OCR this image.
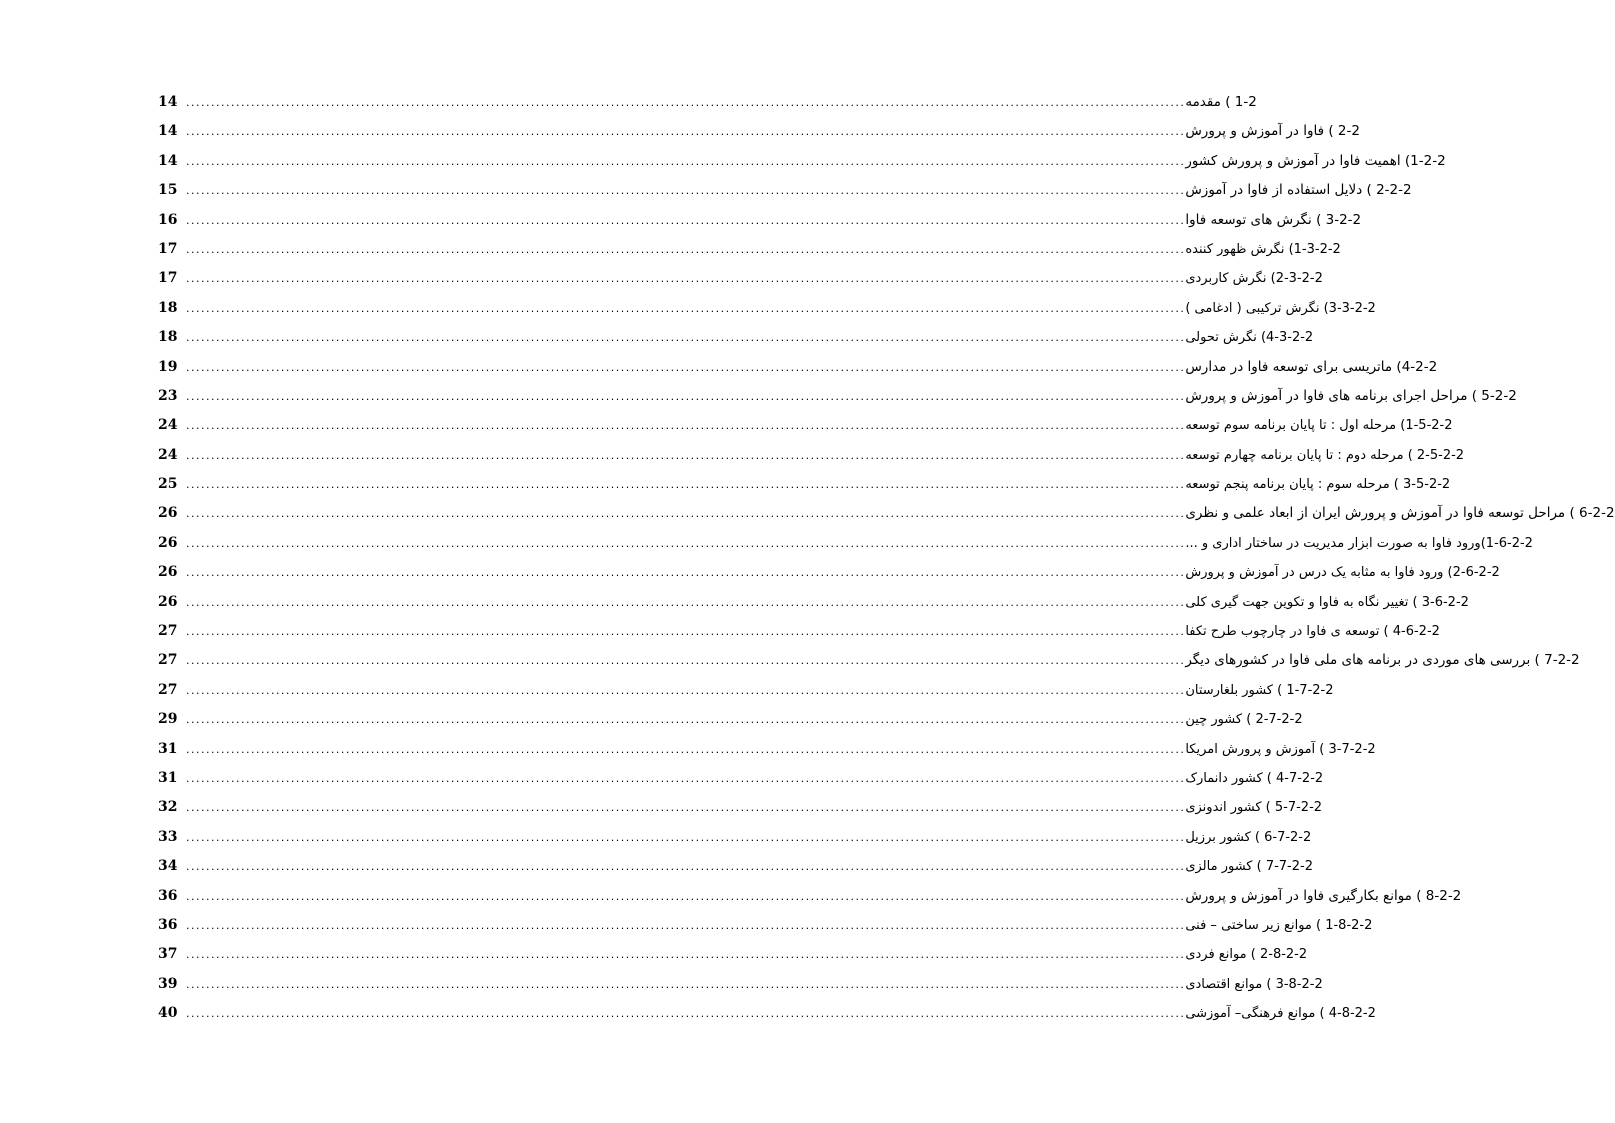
14 ........................................................................................................................................................................................................ 1-2 ) مقدمه
14 ........................................................................................................................................................................................................ 2-2 ) فاوا در آموزش و پرورش
14 ........................................................................................................................................................................................................ 1-2-2) اهمیت فاوا در آموزش و پرورش کشور
15 ........................................................................................................................................................................................................ 2-2-2 ) دلایل استفاده از فاوا در آموزش
16 ........................................................................................................................................................................................................ 3-2-2 ) نگرش های توسعه فاوا
17 ........................................................................................................................................................................................................ 1-3-2-2) نگرش ظهور کننده
17 ........................................................................................................................................................................................................ 2-3-2-2) نگرش کاربردی
18 ........................................................................................................................................................................................................ 3-3-2-2) نگرش ترکیبی ( ادغامی )
18 ........................................................................................................................................................................................................ 4-3-2-2) نگرش تحولی
19 ........................................................................................................................................................................................................ 4-2-2) ماتریسی برای توسعه فاوا در مدارس
23 ........................................................................................................................................................................................................ 5-2-2 ) مراحل اجرای برنامه های فاوا در آموزش و پرورش
24 ........................................................................................................................................................................................................ 1-5-2-2) مرحله اول : تا پایان برنامه سوم توسعه
24 ........................................................................................................................................................................................................ 2-5-2-2 ) مرحله دوم : تا پایان برنامه چهارم توسعه
25 ........................................................................................................................................................................................................ 3-5-2-2 ) مرحله سوم : پایان برنامه پنجم توسعه
26 ........................................................................................................................................................................................................ 6-2-2 ) مراحل توسعه فاوا در آموزش و پرورش ایران از ابعاد علمی و نظری
26 ........................................................................................................................................................................................................ 1-6-2-2)ورود فاوا به صورت ابزار مدیریت در ساختار اداری و ...
26 ........................................................................................................................................................................................................ 2-6-2-2) ورود فاوا به مثابه یک درس در آموزش و پرورش
26 ........................................................................................................................................................................................................ 3-6-2-2 ) تغییر نگاه به فاوا و تکوین جهت گیری کلی
27 ........................................................................................................................................................................................................ 4-6-2-2 ) توسعه ی فاوا در چارچوب طرح تکفا
27 ........................................................................................................................................................................................................ 7-2-2 ) بررسی های موردی در برنامه های ملی فاوا در کشورهای دیگر
27 ........................................................................................................................................................................................................ 1-7-2-2 ) کشور بلغارستان
29 ........................................................................................................................................................................................................ 2-7-2-2 ) کشور چین
31 ........................................................................................................................................................................................................ 3-7-2-2 ) آموزش و پرورش امریکا
31 ........................................................................................................................................................................................................ 4-7-2-2 ) کشور دانمارک
32 ........................................................................................................................................................................................................ 5-7-2-2 ) کشور اندونزی
33 ........................................................................................................................................................................................................ 6-7-2-2 ) کشور برزیل
34 ........................................................................................................................................................................................................ 7-7-2-2 ) کشور مالزی
36 ........................................................................................................................................................................................................ 8-2-2 ) موانع بکارگیری فاوا در آموزش و پرورش
36 ........................................................................................................................................................................................................ 1-8-2-2 ) موانع زیر ساختی – فنی
37 ........................................................................................................................................................................................................ 2-8-2-2 ) موانع فردی
39 ........................................................................................................................................................................................................ 3-8-2-2 ) موانع اقتصادی
40 ........................................................................................................................................................................................................ 4-8-2-2 ) موانع فرهنگی– آموزشی
